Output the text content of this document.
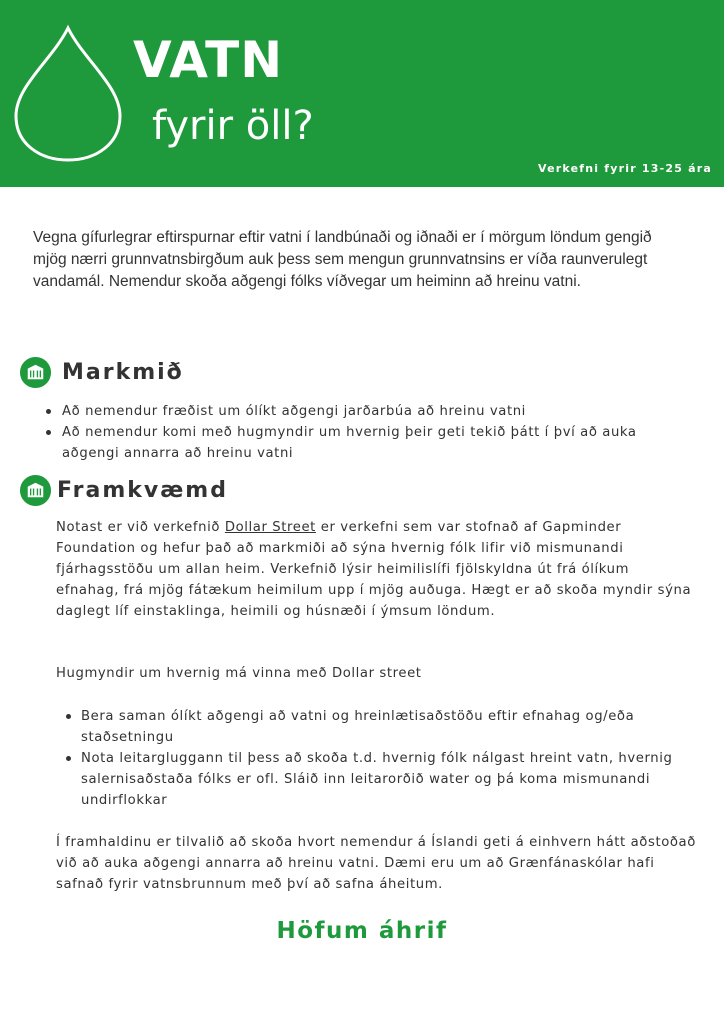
VATN
fyrir öll?
Verkefni fyrir 13-25 ára

Vegna gífurlegrar eftirspurnar eftir vatni í landbúnaði og iðnaði er í mörgum löndum gengið mjög nærri grunnvatnsbirgðum auk þess sem mengun grunnvatnsins er víða raunverulegt vandamál. Nemendur skoða aðgengi fólks víðvegar um heiminn að hreinu vatni.

Markmið
Að nemendur fræðist um ólíkt aðgengi jarðarbúa að hreinu vatni
Að nemendur komi með hugmyndir um hvernig þeir geti tekið þátt í því að auka aðgengi annarra að hreinu vatni
Framkvæmd

Notast er við verkefnið Dollar Street er verkefni sem var stofnað af Gapminder Foundation og hefur það að markmiði að sýna hvernig fólk lifir við mismunandi fjárhagsstöðu um allan heim. Verkefnið lýsir heimilislífi fjölskyldna út frá ólíkum efnahag, frá mjög fátækum heimilum upp í mjög auðuga. Hægt er að skoða myndir sýna daglegt líf einstaklinga, heimili og húsnæði í ýmsum löndum.

Hugmyndir um hvernig má vinna með Dollar street

Bera saman ólíkt aðgengi að vatni og hreinlætisaðstöðu eftir efnahag og/eða staðsetningu
Nota leitargluggann til þess að skoða t.d. hvernig fólk nálgast hreint vatn, hvernig salernisaðstaða fólks er ofl. Sláið inn leitarorðið water og þá koma mismunandi undirflokkar

Í framhaldinu er tilvalið að skoða hvort nemendur á Íslandi geti á einhvern hátt aðstoðað við að auka aðgengi annarra að hreinu vatni. Dæmi eru um að Grænfánaskólar hafi safnað fyrir vatnsbrunnum með því að safna áheitum.

Höfum áhrif
